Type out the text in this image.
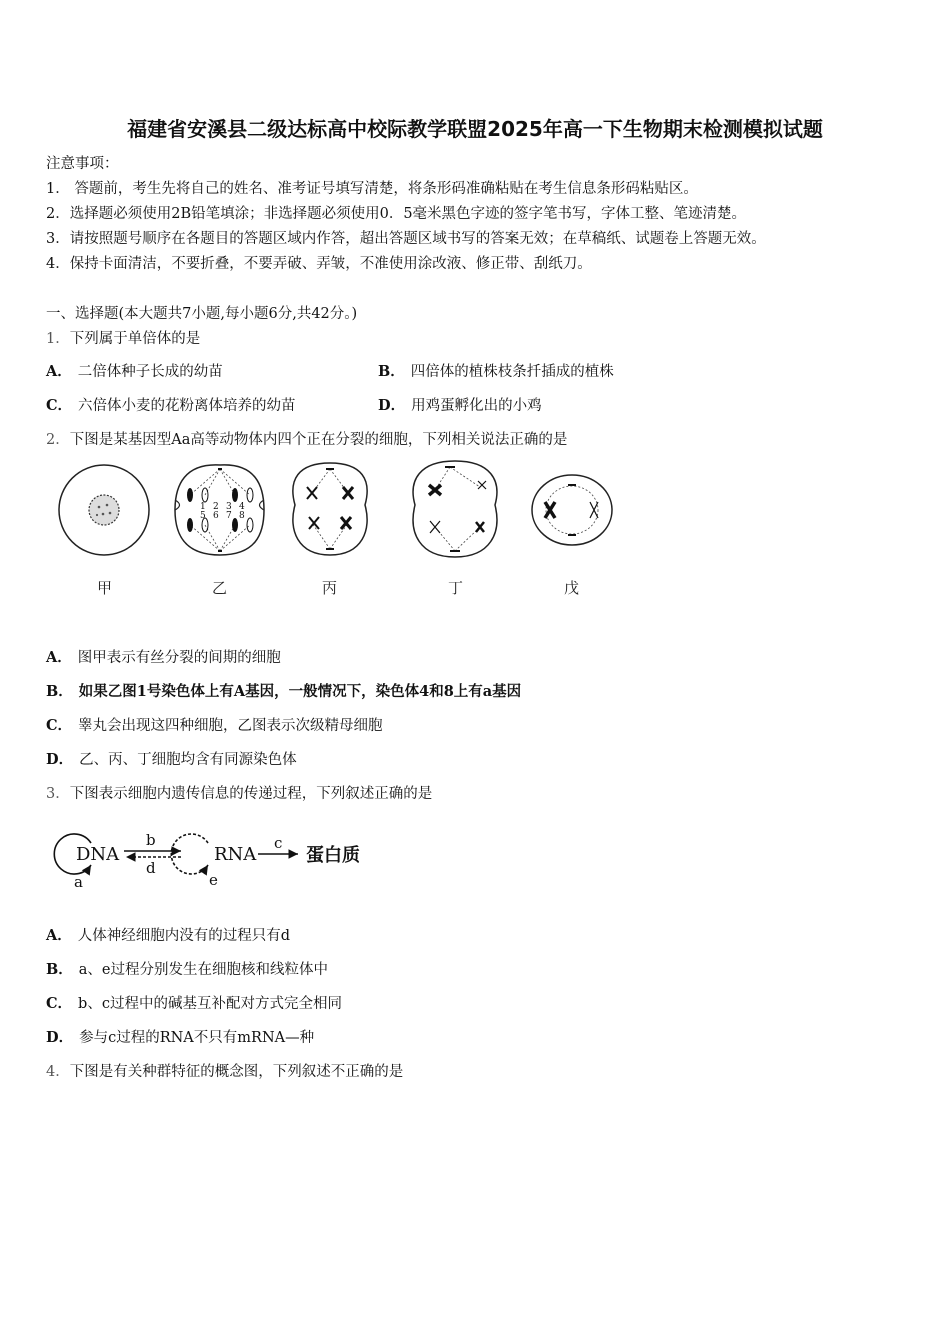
福建省安溪县二级达标高中校际教学联盟2025年高一下生物期末检测模拟试题
注意事项：
1． 答题前，考生先将自己的姓名、准考证号填写清楚，将条形码准确粘贴在考生信息条形码粘贴区。
2．选择题必须使用2B铅笔填涂；非选择题必须使用0．5毫米黑色字迹的签字笔书写，字体工整、笔迹清楚。
3．请按照题号顺序在各题目的答题区域内作答，超出答题区域书写的答案无效；在草稿纸、试题卷上答题无效。
4．保持卡面清洁，不要折叠，不要弄破、弄皱，不准使用涂改液、修正带、刮纸刀。
一、选择题(本大题共7小题,每小题6分,共42分。)
1．下列属于单倍体的是
A． 二倍体种子长成的幼苗	B． 四倍体的植株枝条扦插成的植株
C． 六倍体小麦的花粉离体培养的幼苗	D． 用鸡蛋孵化出的小鸡
2．下图是某基因型Aa高等动物体内四个正在分裂的细胞，下列相关说法正确的是
1 2 3 4
5 6 7 8
甲	乙	丙	丁	戊
A． 图甲表示有丝分裂的间期的细胞
B． 如果乙图1号染色体上有A基因，一般情况下，染色体4和8上有a基因
C． 睾丸会出现这四种细胞，乙图表示次级精母细胞
D． 乙、丙、丁细胞均含有同源染色体
3．下图表示细胞内遗传信息的传递过程，下列叙述正确的是
DNA
b
d
RNA
c
蛋白质
a	e
A． 人体神经细胞内没有的过程只有d
B． a、e过程分别发生在细胞核和线粒体中
C． b、c过程中的碱基互补配对方式完全相同
D． 参与c过程的RNA不只有mRNA—种
4．下图是有关种群特征的概念图，下列叙述不正确的是
